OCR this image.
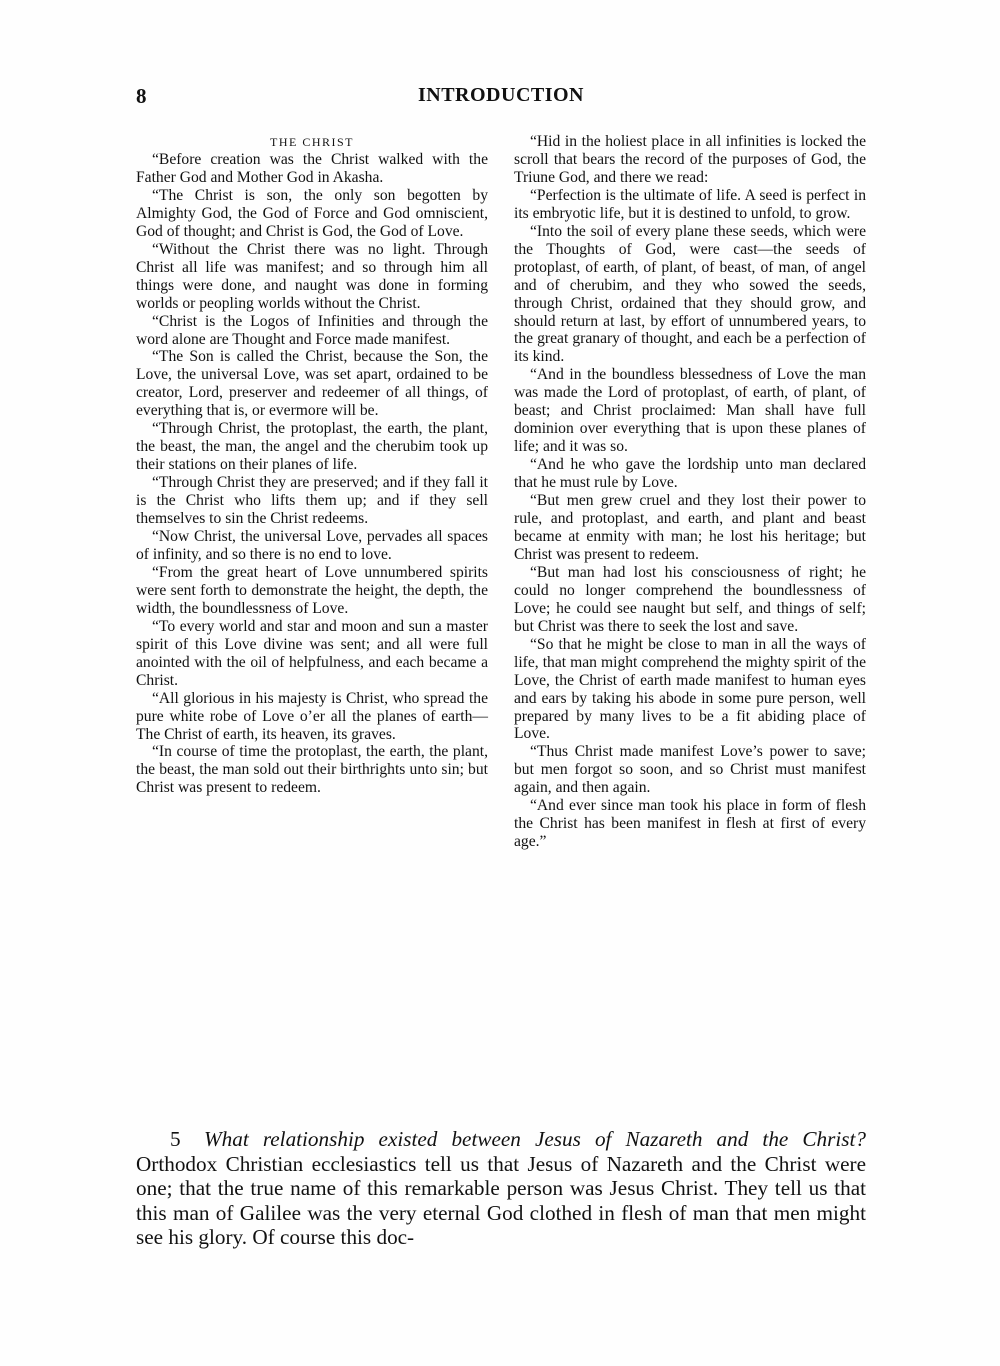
8	INTRODUCTION
THE CHRIST

“Before creation was the Christ walked with the Father God and Mother God in Akasha.

“The Christ is son, the only son begotten by Almighty God, the God of Force and God omniscient, God of thought; and Christ is God, the God of Love.

“Without the Christ there was no light. Through Christ all life was manifest; and so through him all things were done, and naught was done in forming worlds or peopling worlds without the Christ.

“Christ is the Logos of Infinities and through the word alone are Thought and Force made manifest.

“The Son is called the Christ, because the Son, the Love, the universal Love, was set apart, ordained to be creator, Lord, preserver and redeemer of all things, of everything that is, or evermore will be.

“Through Christ, the protoplast, the earth, the plant, the beast, the man, the angel and the cherubim took up their stations on their planes of life.

“Through Christ they are preserved; and if they fall it is the Christ who lifts them up; and if they sell themselves to sin the Christ redeems.

“Now Christ, the universal Love, pervades all spaces of infinity, and so there is no end to love.

“From the great heart of Love unnumbered spirits were sent forth to demonstrate the height, the depth, the width, the boundlessness of Love.

“To every world and star and moon and sun a master spirit of this Love divine was sent; and all were full anointed with the oil of helpfulness, and each became a Christ.

“All glorious in his majesty is Christ, who spread the pure white robe of Love o’er all the planes of earth— The Christ of earth, its heaven, its graves.

“In course of time the protoplast, the earth, the plant, the beast, the man sold out their birthrights unto sin; but Christ was present to redeem.

“Hid in the holiest place in all infinities is locked the scroll that bears the record of the purposes of God, the Triune God, and there we read:

“Perfection is the ultimate of life. A seed is perfect in its embryotic life, but it is destined to unfold, to grow.

“Into the soil of every plane these seeds, which were the Thoughts of God, were cast—the seeds of protoplast, of earth, of plant, of beast, of man, of angel and of cherubim, and they who sowed the seeds, through Christ, ordained that they should grow, and should return at last, by effort of unnumbered years, to the great granary of thought, and each be a perfection of its kind.

“And in the boundless blessedness of Love the man was made the Lord of protoplast, of earth, of plant, of beast; and Christ proclaimed: Man shall have full dominion over everything that is upon these planes of life; and it was so.

“And he who gave the lordship unto man declared that he must rule by Love.

“But men grew cruel and they lost their power to rule, and protoplast, and earth, and plant and beast became at enmity with man; he lost his heritage; but Christ was present to redeem.

“But man had lost his consciousness of right; he could no longer comprehend the boundlessness of Love; he could see naught but self, and things of self; but Christ was there to seek the lost and save.

“So that he might be close to man in all the ways of life, that man might comprehend the mighty spirit of the Love, the Christ of earth made manifest to human eyes and ears by taking his abode in some pure person, well prepared by many lives to be a fit abiding place of Love.

“Thus Christ made manifest Love’s power to save; but men forgot so soon, and so Christ must manifest again, and then again.

“And ever since man took his place in form of flesh the Christ has been manifest in flesh at first of every age.”

5 What relationship existed between Jesus of Nazareth and the Christ? Orthodox Christian ecclesiastics tell us that Jesus of Nazareth and the Christ were one; that the true name of this remarkable person was Jesus Christ. They tell us that this man of Galilee was the very eternal God clothed in flesh of man that men might see his glory. Of course this doc-
